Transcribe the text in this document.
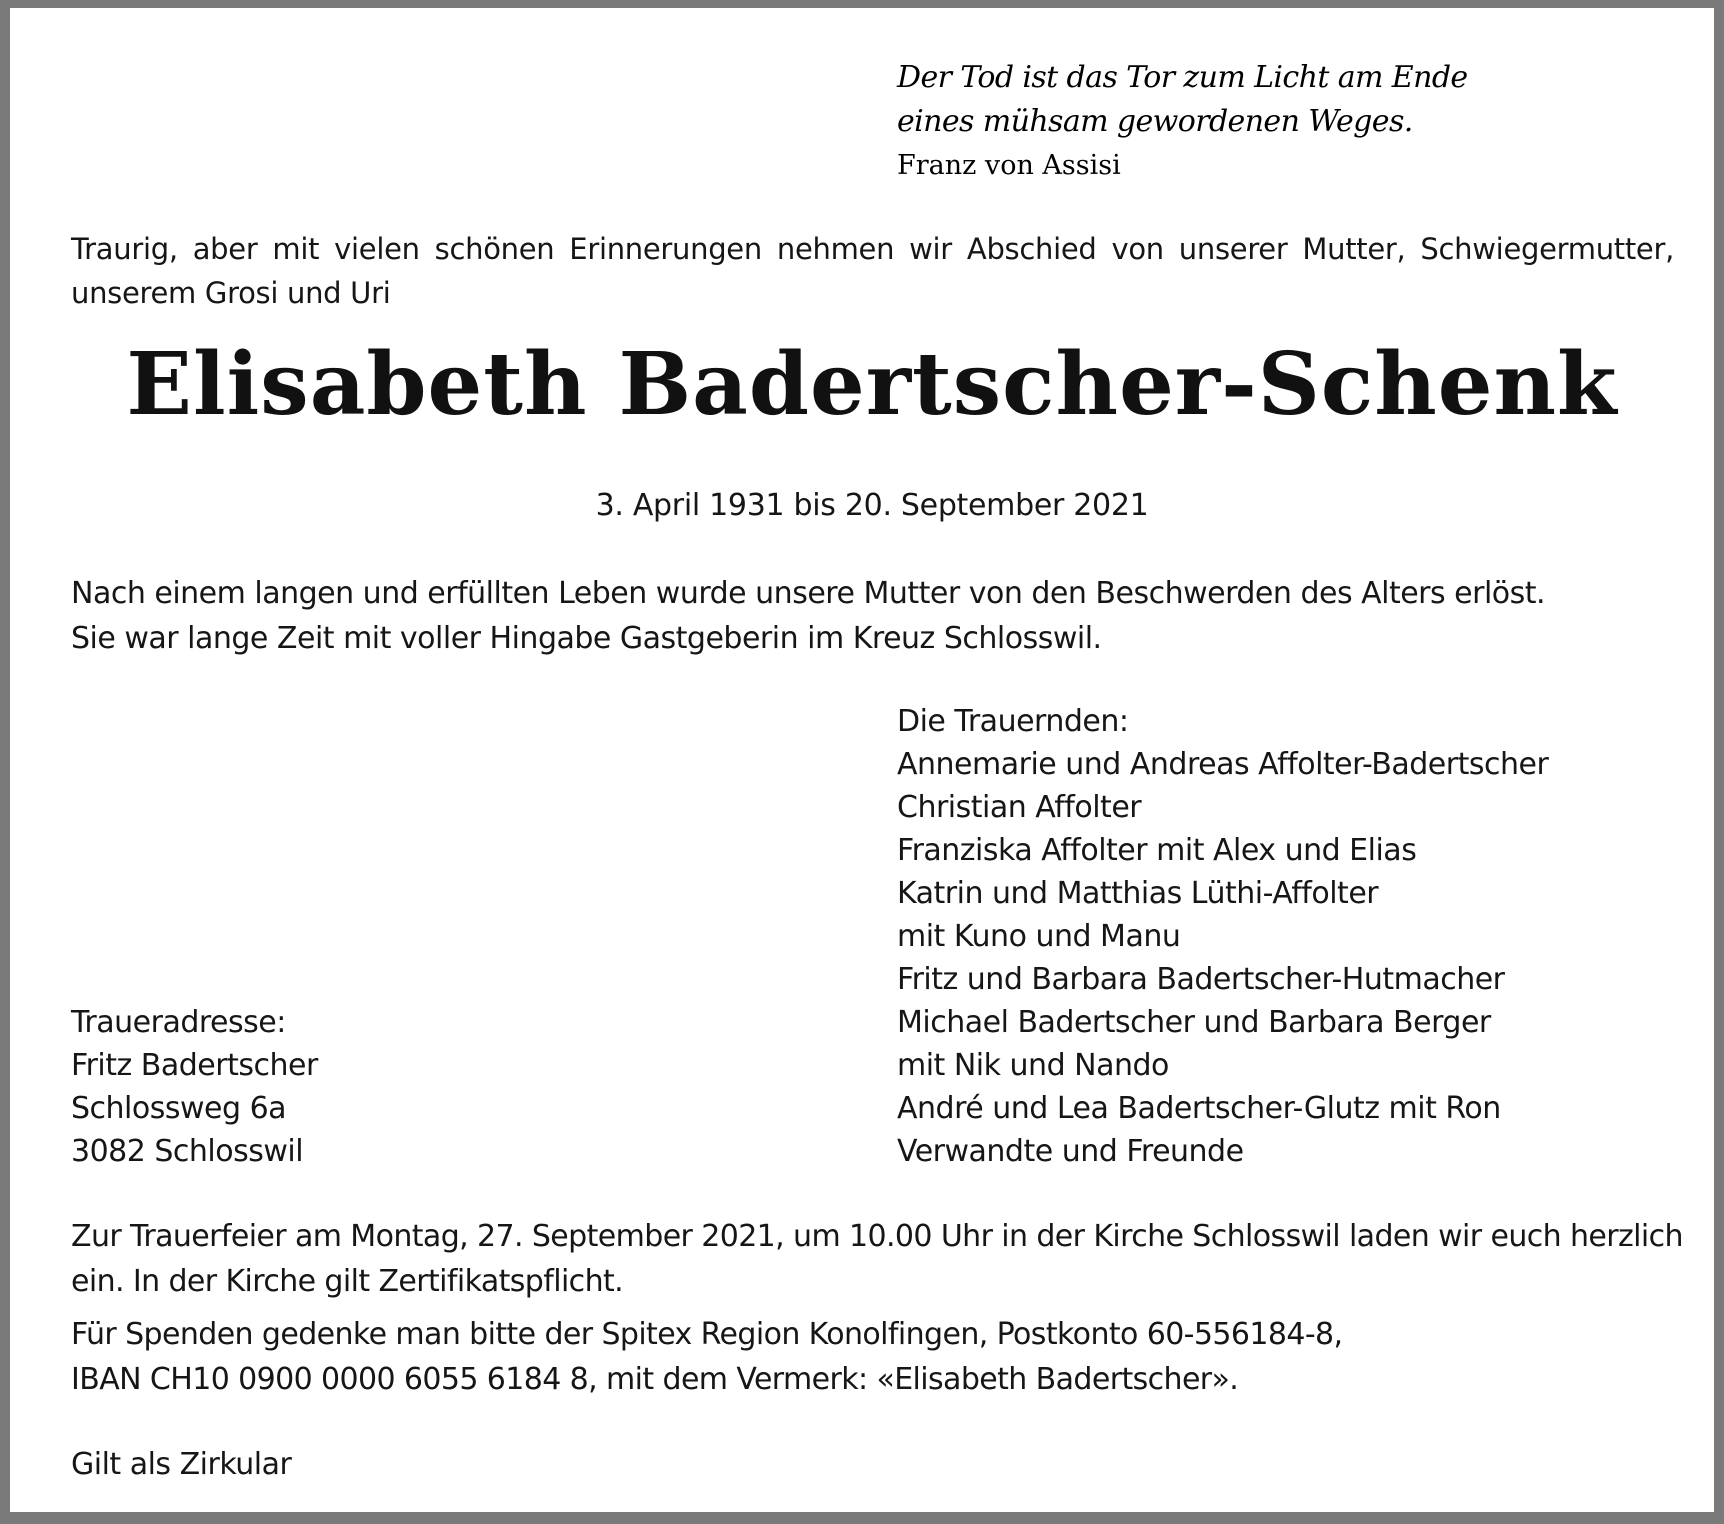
Der Tod ist das Tor zum Licht am Ende
eines mühsam gewordenen Weges.
Franz von Assisi

Traurig, aber mit vielen schönen Erinnerungen nehmen wir Abschied von unserer Mutter, Schwiegermutter, unserem Grosi und Uri

Elisabeth Badertscher-Schenk
3. April 1931 bis 20. September 2021
Nach einem langen und erfüllten Leben wurde unsere Mutter von den Beschwerden des Alters erlöst.
Sie war lange Zeit mit voller Hingabe Gastgeberin im Kreuz Schlosswil.
Die Trauernden:
Annemarie und Andreas Affolter-Badertscher
Christian Affolter
Franziska Affolter mit Alex und Elias
Katrin und Matthias Lüthi-Affolter
mit Kuno und Manu
Fritz und Barbara Badertscher-Hutmacher
Michael Badertscher und Barbara Berger
mit Nik und Nando
André und Lea Badertscher-Glutz mit Ron
Verwandte und Freunde
Traueradresse:
Fritz Badertscher
Schlossweg 6a
3082 Schlosswil
Zur Trauerfeier am Montag, 27. September 2021, um 10.00 Uhr in der Kirche Schlosswil laden wir euch herzlich
ein. In der Kirche gilt Zertifikatspflicht.
Für Spenden gedenke man bitte der Spitex Region Konolfingen, Postkonto 60-556184-8,
IBAN CH10 0900 0000 6055 6184 8, mit dem Vermerk: «Elisabeth Badertscher».
Gilt als Zirkular
